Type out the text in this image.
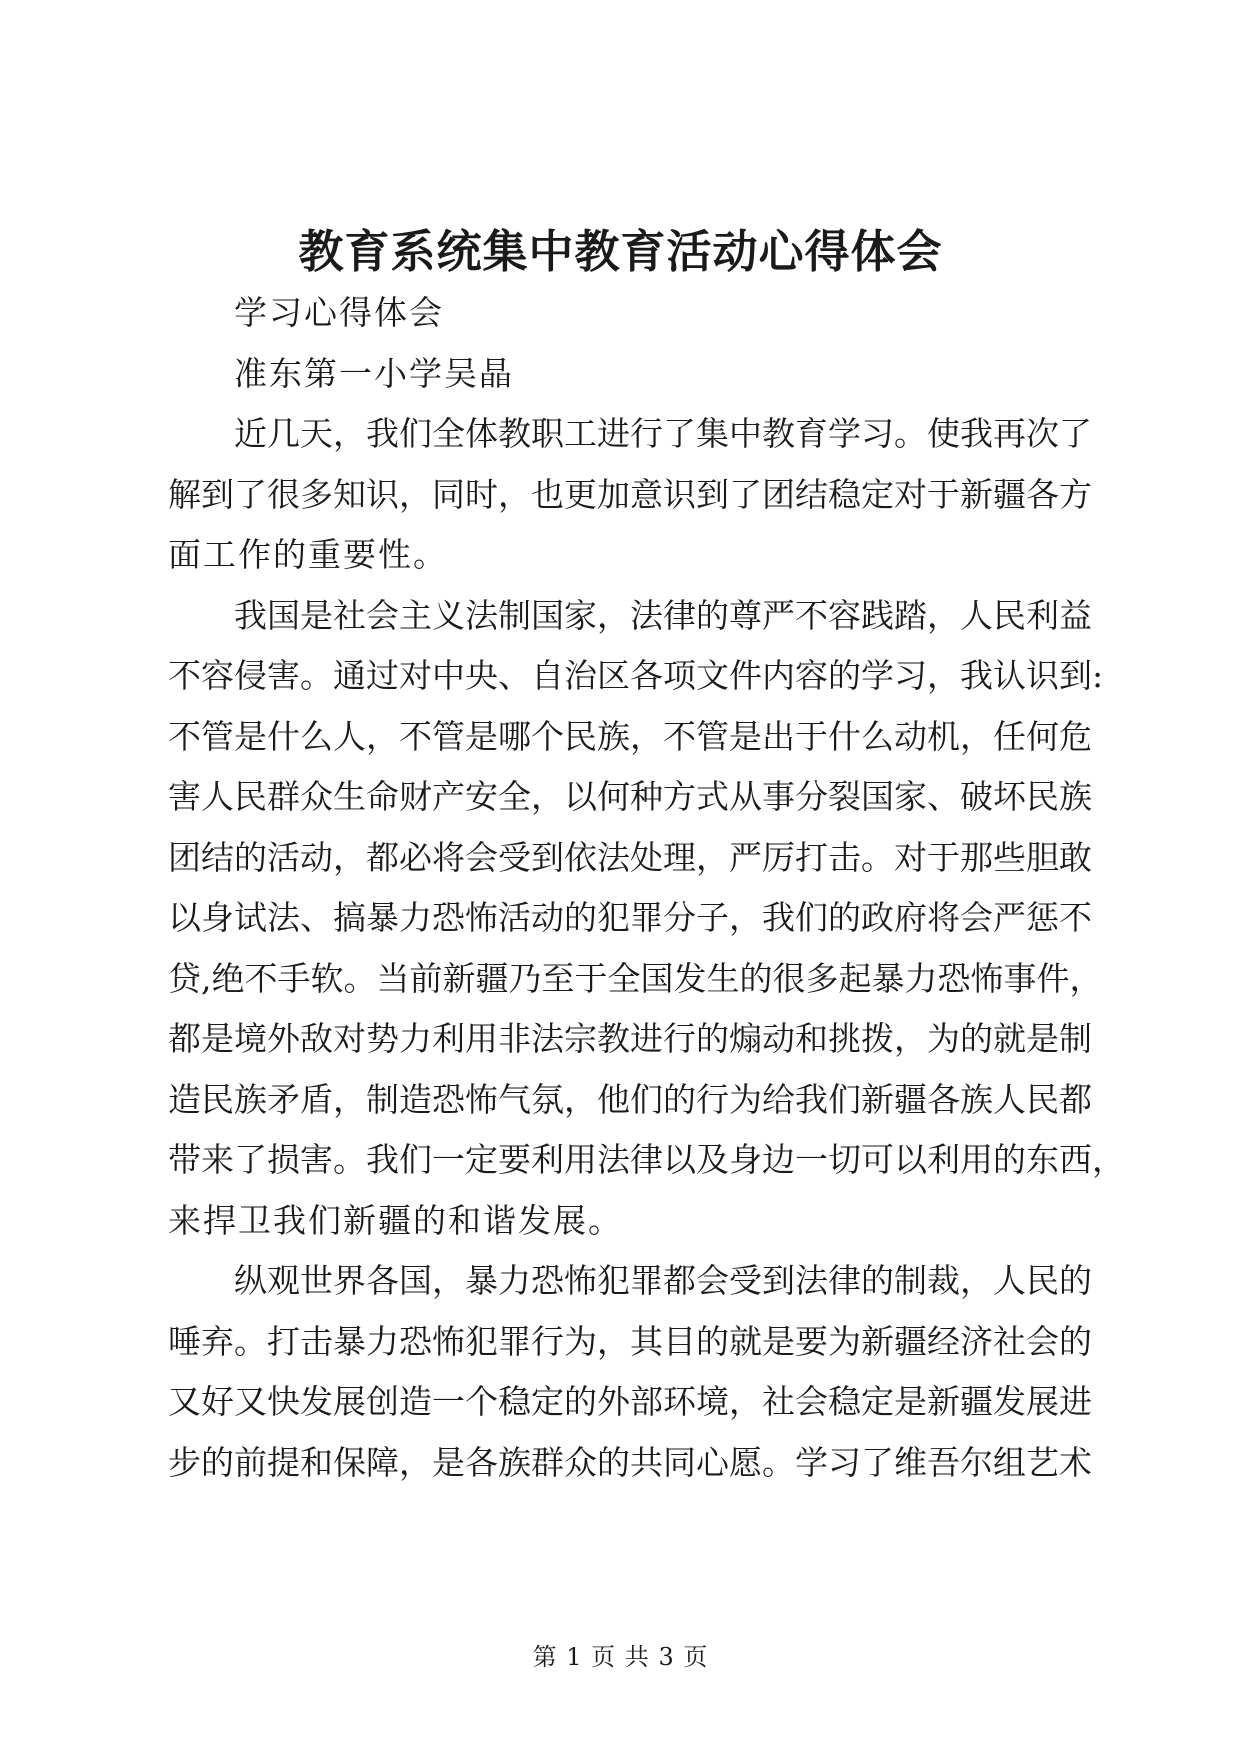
教育系统集中教育活动心得体会
学习心得体会
准东第一小学吴晶
近几天，我们全体教职工进行了集中教育学习。使我再次了
解到了很多知识，同时，也更加意识到了团结稳定对于新疆各方
面工作的重要性。
我国是社会主义法制国家，法律的尊严不容践踏，人民利益
不容侵害。通过对中央、自治区各项文件内容的学习，我认识到:
不管是什么人，不管是哪个民族，不管是出于什么动机，任何危
害人民群众生命财产安全，以何种方式从事分裂国家、破坏民族
团结的活动，都必将会受到依法处理，严厉打击。对于那些胆敢
以身试法、搞暴力恐怖活动的犯罪分子，我们的政府将会严惩不
贷,绝不手软。当前新疆乃至于全国发生的很多起暴力恐怖事件，
都是境外敌对势力利用非法宗教进行的煽动和挑拨，为的就是制
造民族矛盾，制造恐怖气氛，他们的行为给我们新疆各族人民都
带来了损害。我们一定要利用法律以及身边一切可以利用的东西，
来捍卫我们新疆的和谐发展。
纵观世界各国，暴力恐怖犯罪都会受到法律的制裁，人民的
唾弃。打击暴力恐怖犯罪行为，其目的就是要为新疆经济社会的
又好又快发展创造一个稳定的外部环境，社会稳定是新疆发展进
步的前提和保障，是各族群众的共同心愿。学习了维吾尔组艺术
第 1 页 共 3 页
